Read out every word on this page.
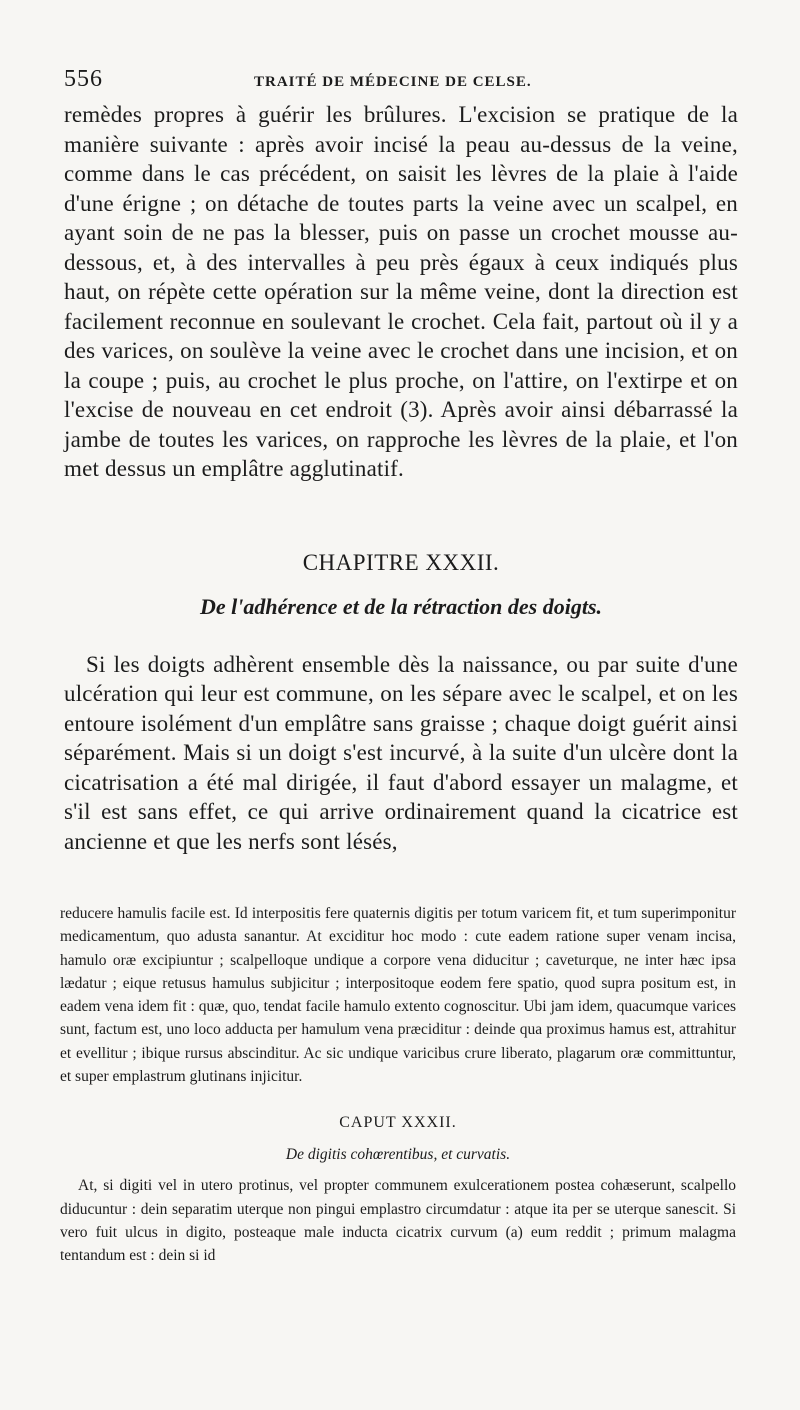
556	TRAITÉ DE MÉDECINE DE CELSE.

remèdes propres à guérir les brûlures. L'excision se pratique de la manière suivante : après avoir incisé la peau au-dessus de la veine, comme dans le cas précédent, on saisit les lèvres de la plaie à l'aide d'une érigne ; on détache de toutes parts la veine avec un scalpel, en ayant soin de ne pas la blesser, puis on passe un crochet mousse au-dessous, et, à des intervalles à peu près égaux à ceux indiqués plus haut, on répète cette opération sur la même veine, dont la direction est facilement reconnue en soulevant le crochet. Cela fait, partout où il y a des varices, on soulève la veine avec le crochet dans une incision, et on la coupe ; puis, au crochet le plus proche, on l'attire, on l'extirpe et on l'excise de nouveau en cet endroit (3). Après avoir ainsi débarrassé la jambe de toutes les varices, on rapproche les lèvres de la plaie, et l'on met dessus un emplâtre agglutinatif.

CHAPITRE XXXII.
De l'adhérence et de la rétraction des doigts.

Si les doigts adhèrent ensemble dès la naissance, ou par suite d'une ulcération qui leur est commune, on les sépare avec le scalpel, et on les entoure isolément d'un emplâtre sans graisse ; chaque doigt guérit ainsi séparément. Mais si un doigt s'est incurvé, à la suite d'un ulcère dont la cicatrisation a été mal dirigée, il faut d'abord essayer un malagme, et s'il est sans effet, ce qui arrive ordinairement quand la cicatrice est ancienne et que les nerfs sont lésés,

reducere hamulis facile est. Id interpositis fere quaternis digitis per totum varicem fit, et tum superimponitur medicamentum, quo adusta sanantur. At exciditur hoc modo : cute eadem ratione super venam incisa, hamulo oræ excipiuntur ; scalpelloque undique a corpore vena diducitur ; caveturque, ne inter hæc ipsa lædatur ; eique retusus hamulus subjicitur ; interpositoque eodem fere spatio, quod supra positum est, in eadem vena idem fit : quæ, quo, tendat facile hamulo extento cognoscitur. Ubi jam idem, quacumque varices sunt, factum est, uno loco adducta per hamulum vena præciditur : deinde qua proximus hamus est, attrahitur et evellitur ; ibique rursus abscinditur. Ac sic undique varicibus crure liberato, plagarum oræ committuntur, et super emplastrum glutinans injicitur.

CAPUT XXXII.
De digitis cohœrentibus, et curvatis.

At, si digiti vel in utero protinus, vel propter communem exulcerationem postea cohæserunt, scalpello diducuntur : dein separatim uterque non pingui emplastro circumdatur : atque ita per se uterque sanescit. Si vero fuit ulcus in digito, posteaque male inducta cicatrix curvum (a) eum reddit ; primum malagma tentandum est : dein si id
